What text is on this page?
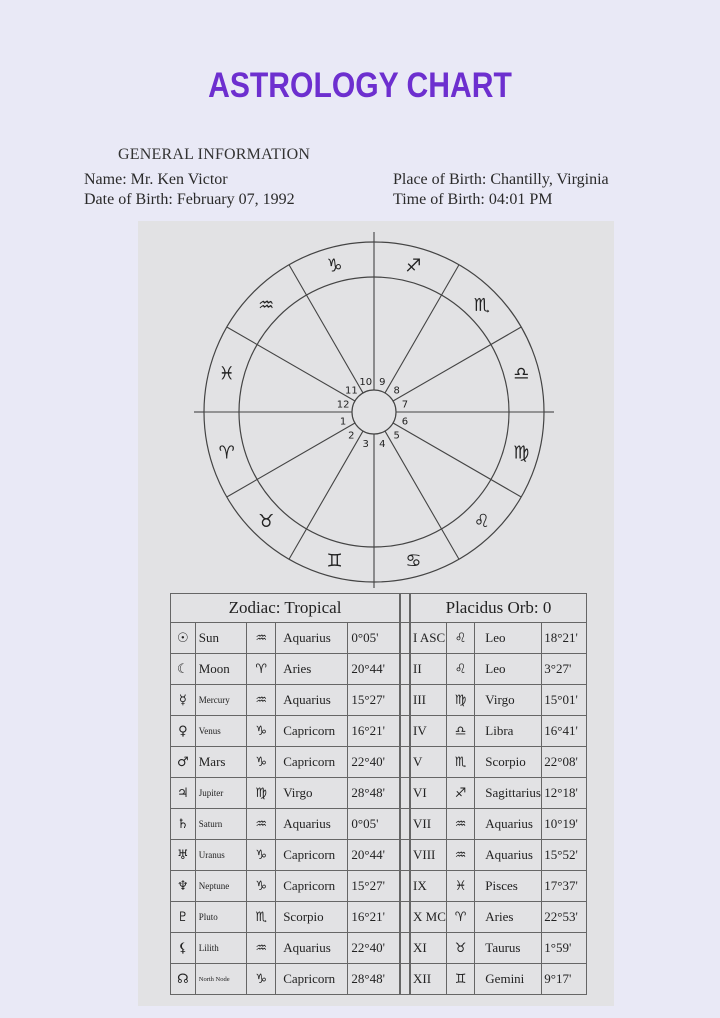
ASTROLOGY CHART
GENERAL INFORMATION
Name: Mr. Ken Victor
Date of Birth: February 07, 1992
Place of Birth: Chantilly, Virginia
Time of Birth: 04:01 PM
♑	♐
♏
♎
♍
♌
♋
♊
♉
♈
♓
♒
10 9
8
7
6
5
4
3
2
1
12
11
Zodiac: Tropical				
☉	Sun	♒	Aquarius	0°05'
☾	Moon	♈	Aries	20°44'
☿	Mercury	♒	Aquarius	15°27'
♀	Venus	♑	Capricorn	16°21'
♂	Mars	♑	Capricorn	22°40'
♃	Jupiter	♍	Virgo	28°48'
♄	Saturn	♒	Aquarius	0°05'
♅	Uranus	♑	Capricorn	20°44'
♆	Neptune	♑	Capricorn	15°27'
♇	Pluto	♏	Scorpio	16°21'
⚸	Lilith	♒	Aquarius	22°40'
☊	North Node	♑	Capricorn	28°48'

Placidus Orb: 0			
I ASC	♌	Leo	18°21'
II	♌	Leo	3°27'
III	♍	Virgo	15°01'
IV	♎	Libra	16°41'
V	♏	Scorpio	22°08'
VI	♐	Sagittarius	12°18'
VII	♒	Aquarius	10°19'
VIII	♒	Aquarius	15°52'
IX	♓	Pisces	17°37'
X MC	♈	Aries	22°53'
XI	♉	Taurus	1°59'
XII	♊	Gemini	9°17'
